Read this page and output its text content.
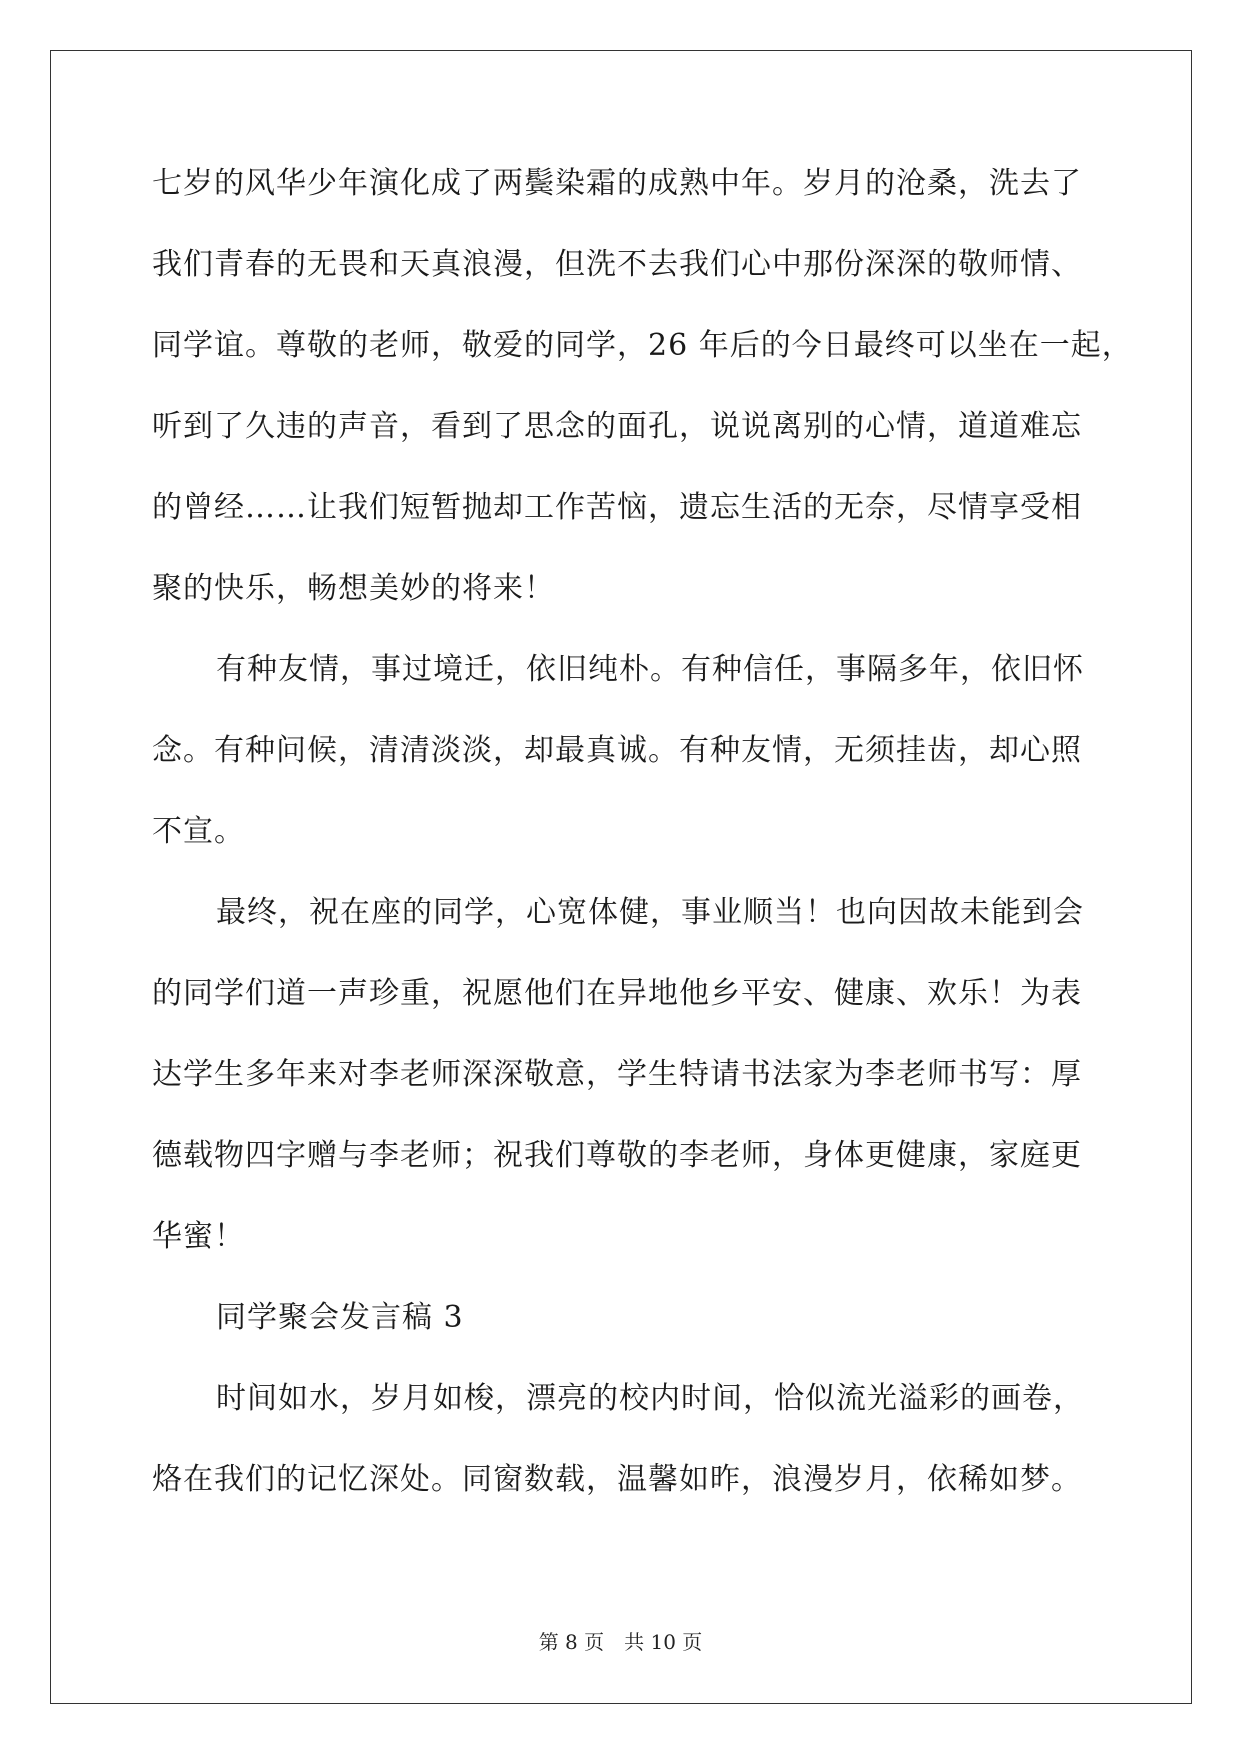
七岁的风华少年演化成了两鬓染霜的成熟中年。岁月的沧桑，洗去了
我们青春的无畏和天真浪漫，但洗不去我们心中那份深深的敬师情、
同学谊。尊敬的老师，敬爱的同学，26 年后的今日最终可以坐在一起，
听到了久违的声音，看到了思念的面孔，说说离别的心情，道道难忘
的曾经……让我们短暂抛却工作苦恼，遗忘生活的无奈，尽情享受相
聚的快乐，畅想美妙的将来！
有种友情，事过境迁，依旧纯朴。有种信任，事隔多年，依旧怀
念。有种问候，清清淡淡，却最真诚。有种友情，无须挂齿，却心照
不宣。
最终，祝在座的同学，心宽体健，事业顺当！也向因故未能到会
的同学们道一声珍重，祝愿他们在异地他乡平安、健康、欢乐！为表
达学生多年来对李老师深深敬意，学生特请书法家为李老师书写：厚
德载物四字赠与李老师；祝我们尊敬的李老师，身体更健康，家庭更
华蜜！
同学聚会发言稿 3
时间如水，岁月如梭，漂亮的校内时间，恰似流光溢彩的画卷，
烙在我们的记忆深处。同窗数载，温馨如昨，浪漫岁月，依稀如梦。
第 8 页　共 10 页
